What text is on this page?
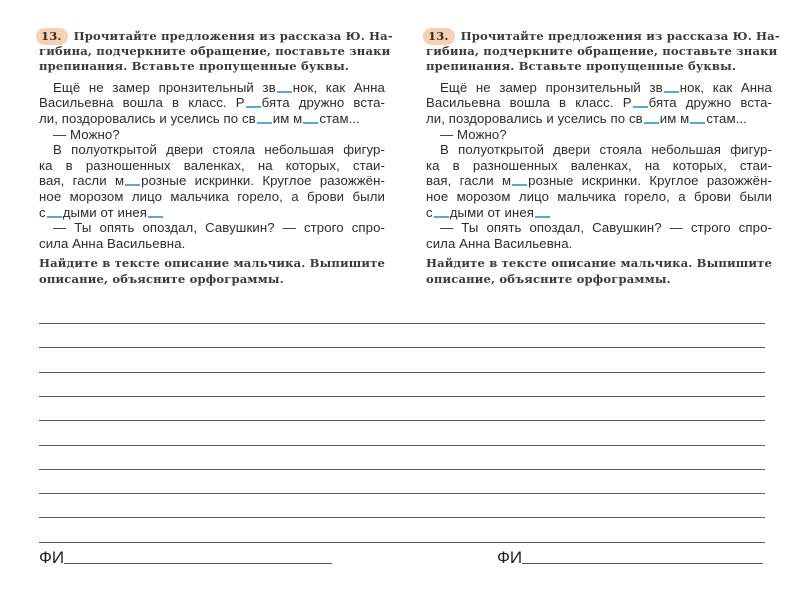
13. Прочитайте предложения из рассказа Ю. На-
гибина, подчеркните обращение, поставьте знаки
препинания. Вставьте пропущенные буквы.
Ещё не замер пронзительный зв нок, как Анна
Васильевна вошла в класс. Р бята дружно вста-
ли, поздоровались и уселись по св им м стам...
— Можно?
В полуоткрытой двери стояла небольшая фигур-
ка в разношенных валенках, на которых, стаи-
вая, гасли м розные искринки. Круглое разожжён-
ное морозом лицо мальчика горело, а брови были
с дыми от инея
— Ты опять опоздал, Савушкин? — строго спро-
сила Анна Васильевна.
Найдите в тексте описание мальчика. Выпишите
описание, объясните орфограммы.
13. Прочитайте предложения из рассказа Ю. На-
гибина, подчеркните обращение, поставьте знаки
препинания. Вставьте пропущенные буквы.
Ещё не замер пронзительный зв нок, как Анна
Васильевна вошла в класс. Р бята дружно вста-
ли, поздоровались и уселись по св им м стам...
— Можно?
В полуоткрытой двери стояла небольшая фигур-
ка в разношенных валенках, на которых, стаи-
вая, гасли м розные искринки. Круглое разожжён-
ное морозом лицо мальчика горело, а брови были
с дыми от инея
— Ты опять опоздал, Савушкин? — строго спро-
сила Анна Васильевна.
Найдите в тексте описание мальчика. Выпишите
описание, объясните орфограммы.
ФИ	ФИ
